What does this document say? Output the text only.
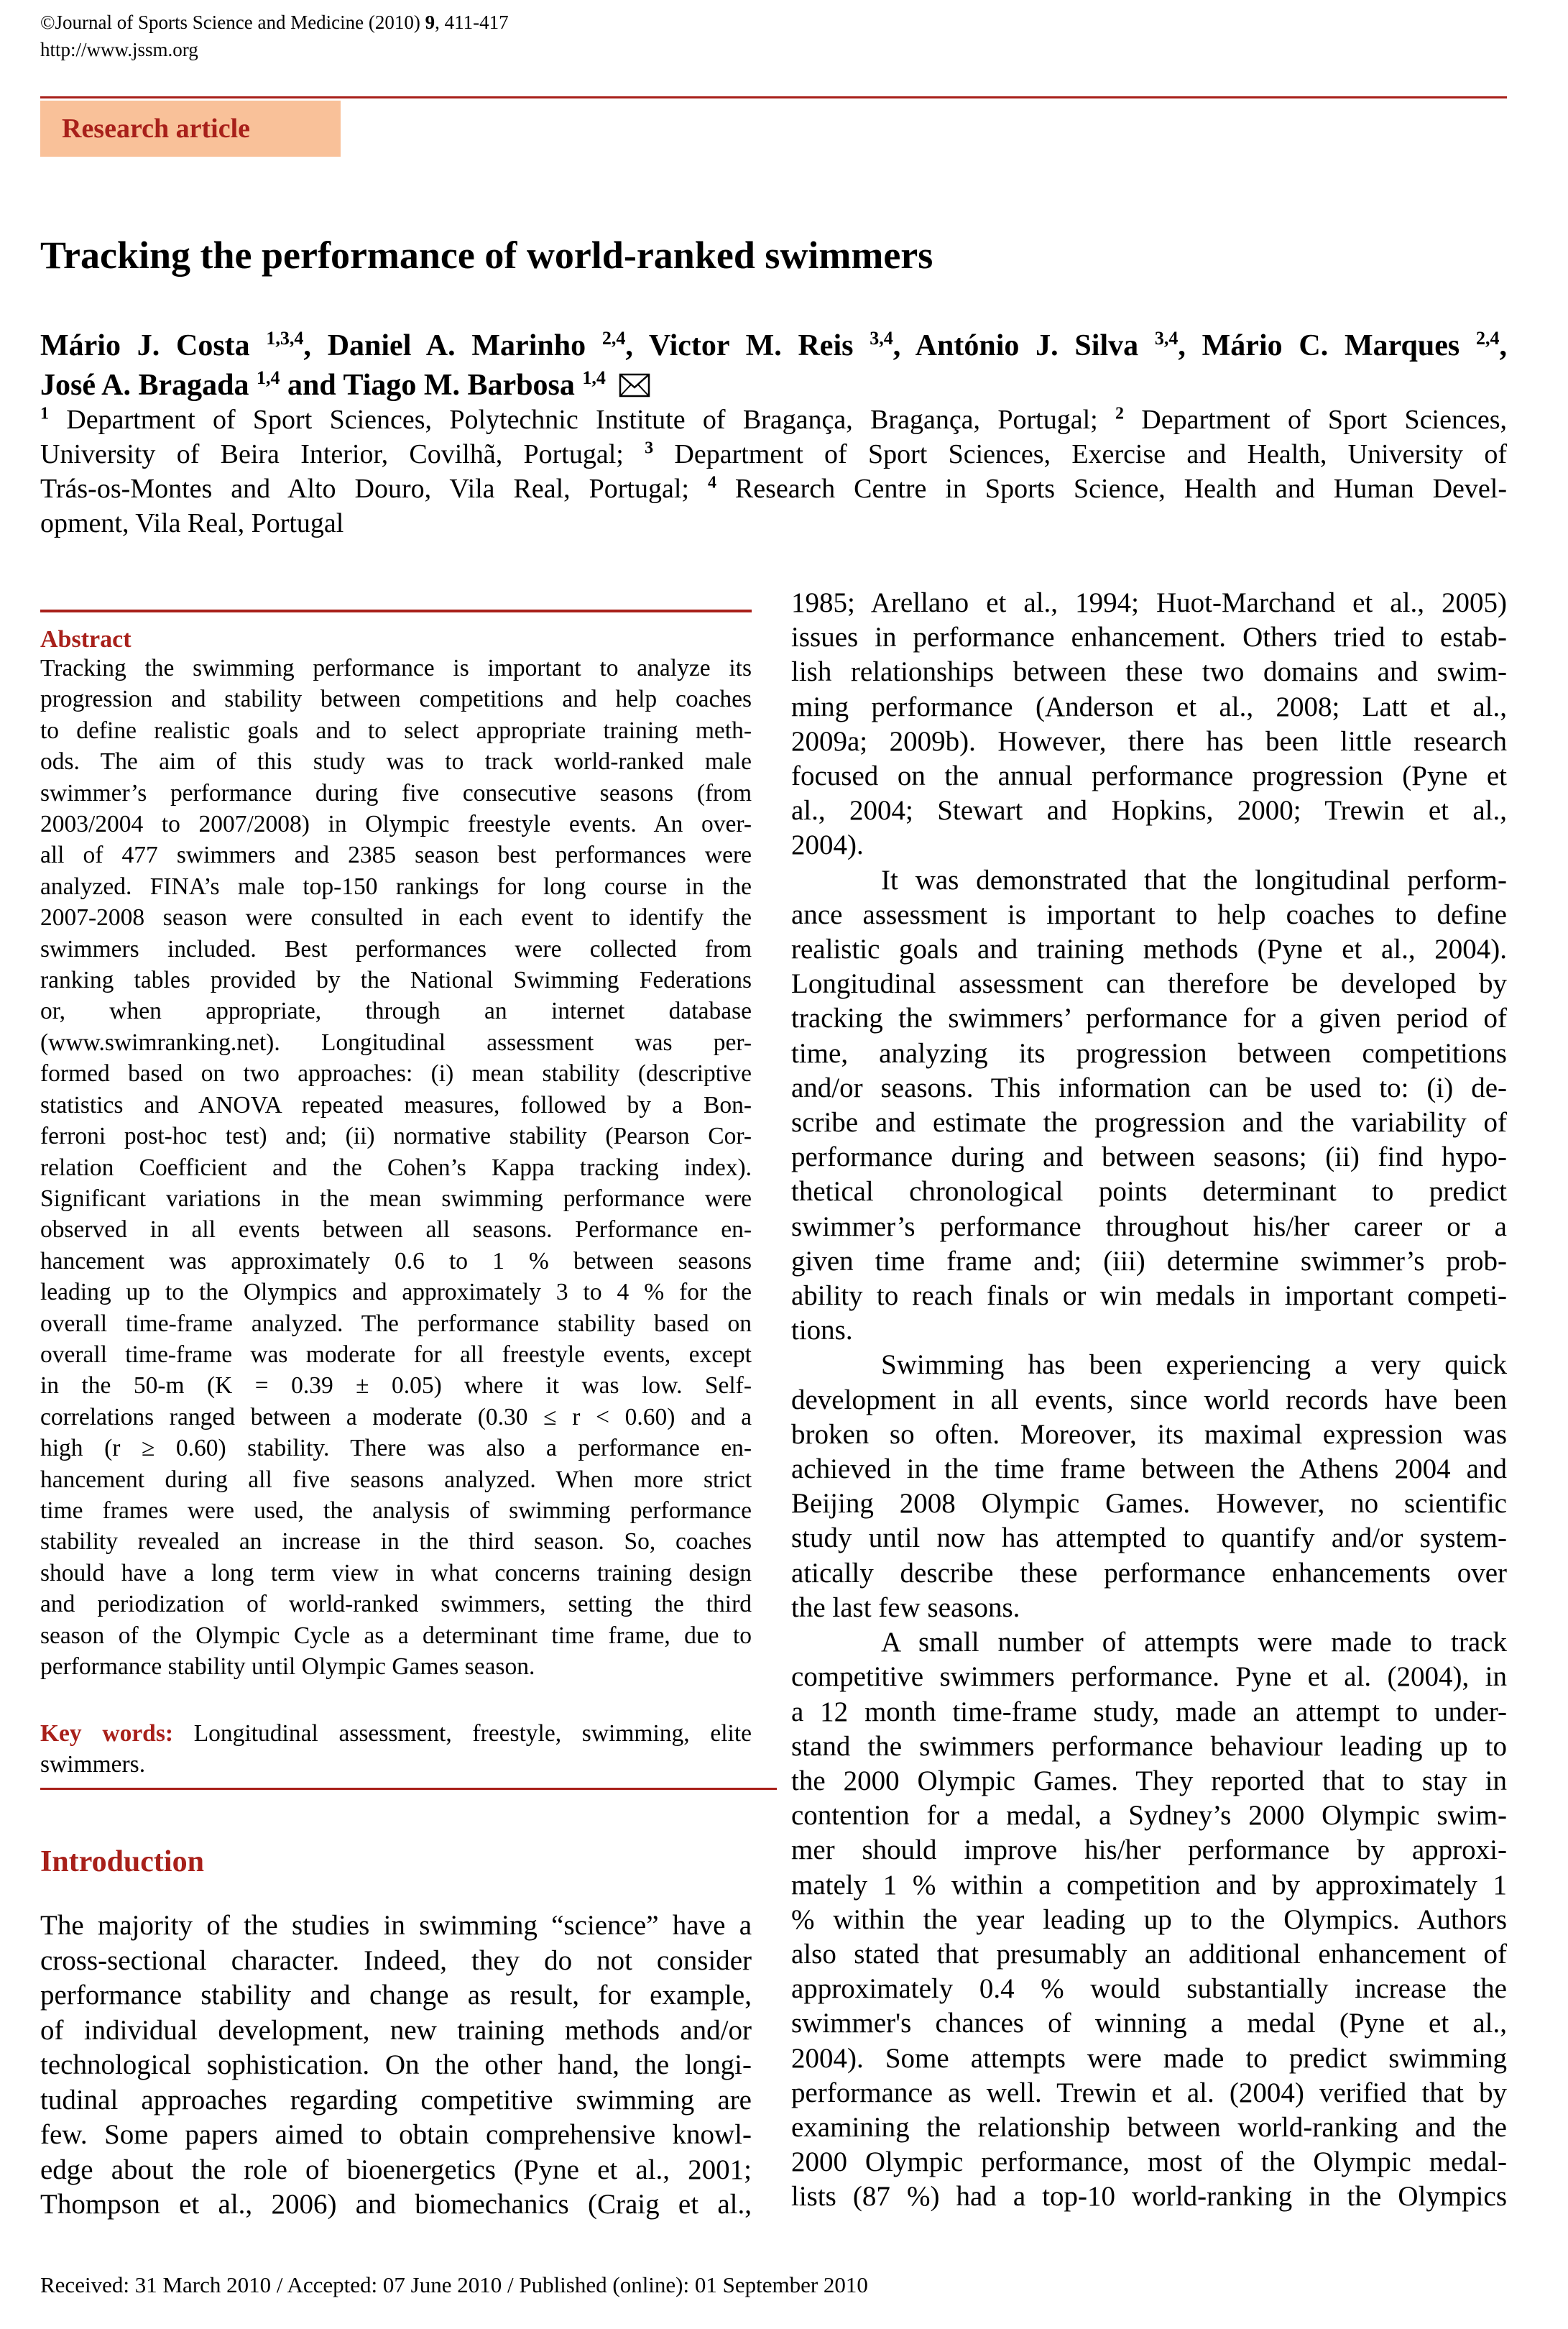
©Journal of Sports Science and Medicine (2010) 9, 411-417
http://www.jssm.org
Research article
Tracking the performance of world-ranked swimmers
Mário J. Costa $^{1,3,4}$, Daniel A. Marinho $^{2,4}$, Victor M. Reis $^{3,4}$, António J. Silva $^{3,4}$, Mário C. Marques $^{2,4}$,
José A. Bragada $^{1,4}$ and Tiago M. Barbosa $^{1,4}$
$^1$ Department of Sport Sciences, Polytechnic Institute of Bragança, Bragança, Portugal; $^2$ Department of Sport Sciences,
University of Beira Interior, Covilhã, Portugal; $^3$ Department of Sport Sciences, Exercise and Health, University of
Trás-os-Montes and Alto Douro, Vila Real, Portugal; $^4$ Research Centre in Sports Science, Health and Human Devel-
opment, Vila Real, Portugal
Abstract
Tracking the swimming performance is important to analyze its
progression and stability between competitions and help coaches
to define realistic goals and to select appropriate training meth-
ods. The aim of this study was to track world-ranked male
swimmer’s performance during five consecutive seasons (from
2003/2004 to 2007/2008) in Olympic freestyle events. An over-
all of 477 swimmers and 2385 season best performances were
analyzed. FINA’s male top-150 rankings for long course in the
2007-2008 season were consulted in each event to identify the
swimmers included. Best performances were collected from
ranking tables provided by the National Swimming Federations
or, when appropriate, through an internet database
(www.swimranking.net). Longitudinal assessment was per-
formed based on two approaches: (i) mean stability (descriptive
statistics and ANOVA repeated measures, followed by a Bon-
ferroni post-hoc test) and; (ii) normative stability (Pearson Cor-
relation Coefficient and the Cohen’s Kappa tracking index).
Significant variations in the mean swimming performance were
observed in all events between all seasons. Performance en-
hancement was approximately 0.6 to 1 % between seasons
leading up to the Olympics and approximately 3 to 4 % for the
overall time-frame analyzed. The performance stability based on
overall time-frame was moderate for all freestyle events, except
in the 50-m (K = 0.39 ± 0.05) where it was low. Self-
correlations ranged between a moderate (0.30 ≤ r < 0.60) and a
high (r ≥ 0.60) stability. There was also a performance en-
hancement during all five seasons analyzed. When more strict
time frames were used, the analysis of swimming performance
stability revealed an increase in the third season. So, coaches
should have a long term view in what concerns training design
and periodization of world-ranked swimmers, setting the third
season of the Olympic Cycle as a determinant time frame, due to
performance stability until Olympic Games season.
Key words: Longitudinal assessment, freestyle, swimming, elite
swimmers.
Introduction
The majority of the studies in swimming “science” have a
cross-sectional character. Indeed, they do not consider
performance stability and change as result, for example,
of individual development, new training methods and/or
technological sophistication. On the other hand, the longi-
tudinal approaches regarding competitive swimming are
few. Some papers aimed to obtain comprehensive knowl-
edge about the role of bioenergetics (Pyne et al., 2001;
Thompson et al., 2006) and biomechanics (Craig et al.,
1985; Arellano et al., 1994; Huot-Marchand et al., 2005)
issues in performance enhancement. Others tried to estab-
lish relationships between these two domains and swim-
ming performance (Anderson et al., 2008; Latt et al.,
2009a; 2009b). However, there has been little research
focused on the annual performance progression (Pyne et
al., 2004; Stewart and Hopkins, 2000; Trewin et al.,
2004).
It was demonstrated that the longitudinal perform-
ance assessment is important to help coaches to define
realistic goals and training methods (Pyne et al., 2004).
Longitudinal assessment can therefore be developed by
tracking the swimmers’ performance for a given period of
time, analyzing its progression between competitions
and/or seasons. This information can be used to: (i) de-
scribe and estimate the progression and the variability of
performance during and between seasons; (ii) find hypo-
thetical chronological points determinant to predict
swimmer’s performance throughout his/her career or a
given time frame and; (iii) determine swimmer’s prob-
ability to reach finals or win medals in important competi-
tions.
Swimming has been experiencing a very quick
development in all events, since world records have been
broken so often. Moreover, its maximal expression was
achieved in the time frame between the Athens 2004 and
Beijing 2008 Olympic Games. However, no scientific
study until now has attempted to quantify and/or system-
atically describe these performance enhancements over
the last few seasons.
A small number of attempts were made to track
competitive swimmers performance. Pyne et al. (2004), in
a 12 month time-frame study, made an attempt to under-
stand the swimmers performance behaviour leading up to
the 2000 Olympic Games. They reported that to stay in
contention for a medal, a Sydney’s 2000 Olympic swim-
mer should improve his/her performance by approxi-
mately 1 % within a competition and by approximately 1
% within the year leading up to the Olympics. Authors
also stated that presumably an additional enhancement of
approximately 0.4 % would substantially increase the
swimmer's chances of winning a medal (Pyne et al.,
2004). Some attempts were made to predict swimming
performance as well. Trewin et al. (2004) verified that by
examining the relationship between world-ranking and the
2000 Olympic performance, most of the Olympic medal-
lists (87 %) had a top-10 world-ranking in the Olympics
Received: 31 March 2010 / Accepted: 07 June 2010 / Published (online): 01 September 2010
